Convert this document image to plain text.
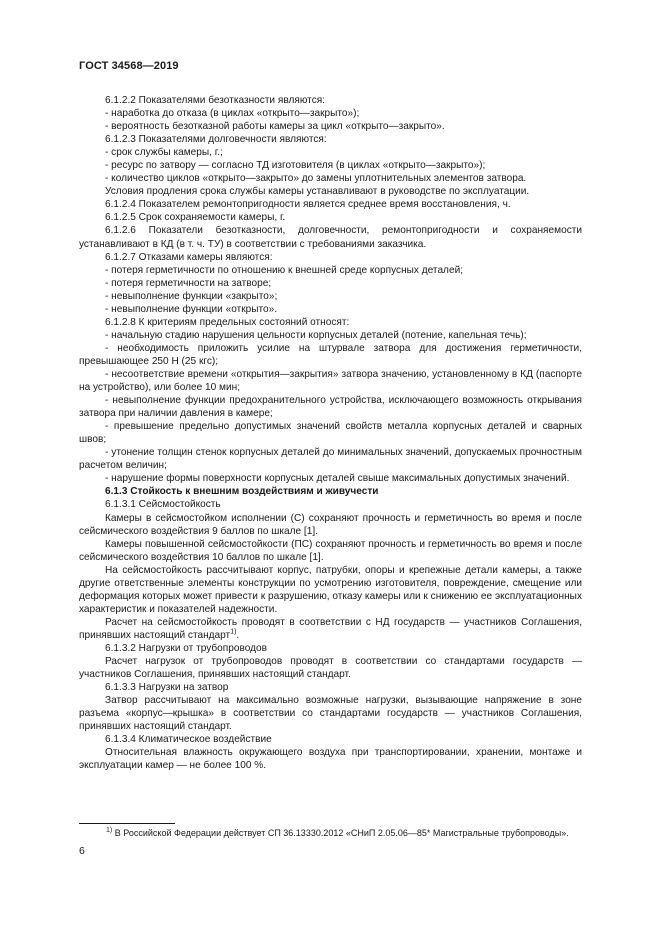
ГОСТ 34568—2019

6.1.2.2 Показателями безотказности являются:

- наработка до отказа (в циклах «открыто—закрыто»);

- вероятность безотказной работы камеры за цикл «открыто—закрыто».

6.1.2.3 Показателями долговечности являются:

- срок службы камеры, г.;

- ресурс по затвору — согласно ТД изготовителя (в циклах «открыто—закрыто»);

- количество циклов «открыто—закрыто» до замены уплотнительных элементов затвора.

Условия продления срока службы камеры устанавливают в руководстве по эксплуатации.

6.1.2.4 Показателем ремонтопригодности является среднее время восстановления, ч.

6.1.2.5 Срок сохраняемости камеры, г.

6.1.2.6 Показатели безотказности, долговечности, ремонтопригодности и сохраняемости устанавливают в КД (в т. ч. ТУ) в соответствии с требованиями заказчика.

6.1.2.7 Отказами камеры являются:

- потеря герметичности по отношению к внешней среде корпусных деталей;

- потеря герметичности на затворе;

- невыполнение функции «закрыто»;

- невыполнение функции «открыто».

6.1.2.8 К критериям предельных состояний относят:

- начальную стадию нарушения цельности корпусных деталей (потение, капельная течь);

- необходимость приложить усилие на штурвале затвора для достижения герметичности, превышающее 250 Н (25 кгс);

- несоответствие времени «открытия—закрытия» затвора значению, установленному в КД (паспорте на устройство), или более 10 мин;

- невыполнение функции предохранительного устройства, исключающего возможность открывания затвора при наличии давления в камере;

- превышение предельно допустимых значений свойств металла корпусных деталей и сварных швов;

- утонение толщин стенок корпусных деталей до минимальных значений, допускаемых прочностным расчетом величин;

- нарушение формы поверхности корпусных деталей свыше максимальных допустимых значений.

6.1.3 Стойкость к внешним воздействиям и живучести

6.1.3.1 Сейсмостойкость

Камеры в сейсмостойком исполнении (С) сохраняют прочность и герметичность во время и после сейсмического воздействия 9 баллов по шкале [1].

Камеры повышенной сейсмостойкости (ПС) сохраняют прочность и герметичность во время и после сейсмического воздействия 10 баллов по шкале [1].

На сейсмостойкость рассчитывают корпус, патрубки, опоры и крепежные детали камеры, а также другие ответственные элементы конструкции по усмотрению изготовителя, повреждение, смещение или деформация которых может привести к разрушению, отказу камеры или к снижению ее эксплуатационных характеристик и показателей надежности.

Расчет на сейсмостойкость проводят в соответствии с НД государств — участников Соглашения, принявших настоящий стандарт$^{1)}$.

6.1.3.2 Нагрузки от трубопроводов

Расчет нагрузок от трубопроводов проводят в соответствии со стандартами государств — участников Соглашения, принявших настоящий стандарт.

6.1.3.3 Нагрузки на затвор

Затвор рассчитывают на максимально возможные нагрузки, вызывающие напряжение в зоне разъема «корпус—крышка» в соответствии со стандартами государств — участников Соглашения, принявших настоящий стандарт.

6.1.3.4 Климатическое воздействие

Относительная влажность окружающего воздуха при транспортировании, хранении, монтаже и эксплуатации камер — не более 100 %.

$^{1)}$ В Российской Федерации действует СП 36.13330.2012 «СНиП 2.05.06—85* Магистральные трубопроводы».
6
